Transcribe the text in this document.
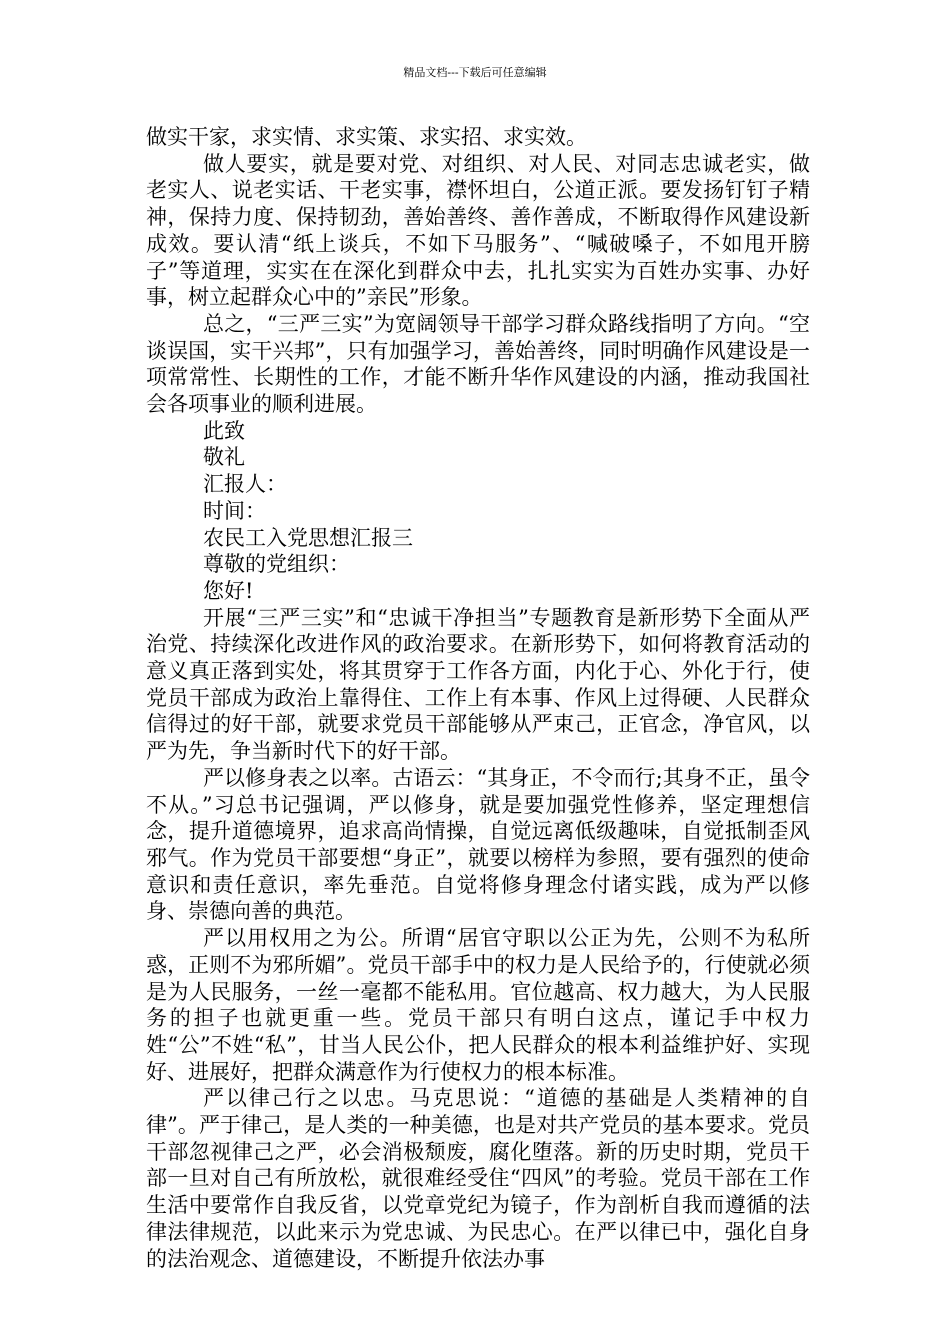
精品文档---下载后可任意编辑

做实干家，求实情、求实策、求实招、求实效。

做人要实，就是要对党、对组织、对人民、对同志忠诚老实，做老实人、说老实话、干老实事，襟怀坦白，公道正派。要发扬钉钉子精神，保持力度、保持韧劲，善始善终、善作善成，不断取得作风建设新成效。要认清“纸上谈兵，不如下马服务”、“喊破嗓子，不如甩开膀子”等道理，实实在在深化到群众中去，扎扎实实为百姓办实事、办好事，树立起群众心中的”亲民”形象。

总之，“三严三实”为宽阔领导干部学习群众路线指明了方向。“空谈误国，实干兴邦”，只有加强学习，善始善终，同时明确作风建设是一项常常性、长期性的工作，才能不断升华作风建设的内涵，推动我国社会各项事业的顺利进展。

此致

敬礼

汇报人：

时间：

农民工入党思想汇报三

尊敬的党组织：

您好!

开展“三严三实”和“忠诚干净担当”专题教育是新形势下全面从严治党、持续深化改进作风的政治要求。在新形势下，如何将教育活动的意义真正落到实处，将其贯穿于工作各方面，内化于心、外化于行，使党员干部成为政治上靠得住、工作上有本事、作风上过得硬、人民群众信得过的好干部，就要求党员干部能够从严束己，正官念，净官风，以严为先，争当新时代下的好干部。

严以修身表之以率。古语云：“其身正，不令而行;其身不正，虽令不从。”习总书记强调，严以修身，就是要加强党性修养，坚定理想信念，提升道德境界，追求高尚情操，自觉远离低级趣味，自觉抵制歪风邪气。作为党员干部要想“身正”，就要以榜样为参照，要有强烈的使命意识和责任意识，率先垂范。自觉将修身理念付诸实践，成为严以修身、崇德向善的典范。

严以用权用之为公。所谓“居官守职以公正为先，公则不为私所惑，正则不为邪所媚”。党员干部手中的权力是人民给予的，行使就必须是为人民服务，一丝一毫都不能私用。官位越高、权力越大，为人民服务的担子也就更重一些。党员干部只有明白这点，谨记手中权力姓“公”不姓“私”，甘当人民公仆，把人民群众的根本利益维护好、实现好、进展好，把群众满意作为行使权力的根本标准。

严以律己行之以忠。马克思说：“道德的基础是人类精神的自律”。严于律己，是人类的一种美德，也是对共产党员的基本要求。党员干部忽视律己之严，必会消极颓废，腐化堕落。新的历史时期，党员干部一旦对自己有所放松，就很难经受住“四风”的考验。党员干部在工作生活中要常作自我反省，以党章党纪为镜子，作为剖析自我而遵循的法律法律规范，以此来示为党忠诚、为民忠心。在严以律已中，强化自身的法治观念、道德建设，不断提升依法办事
